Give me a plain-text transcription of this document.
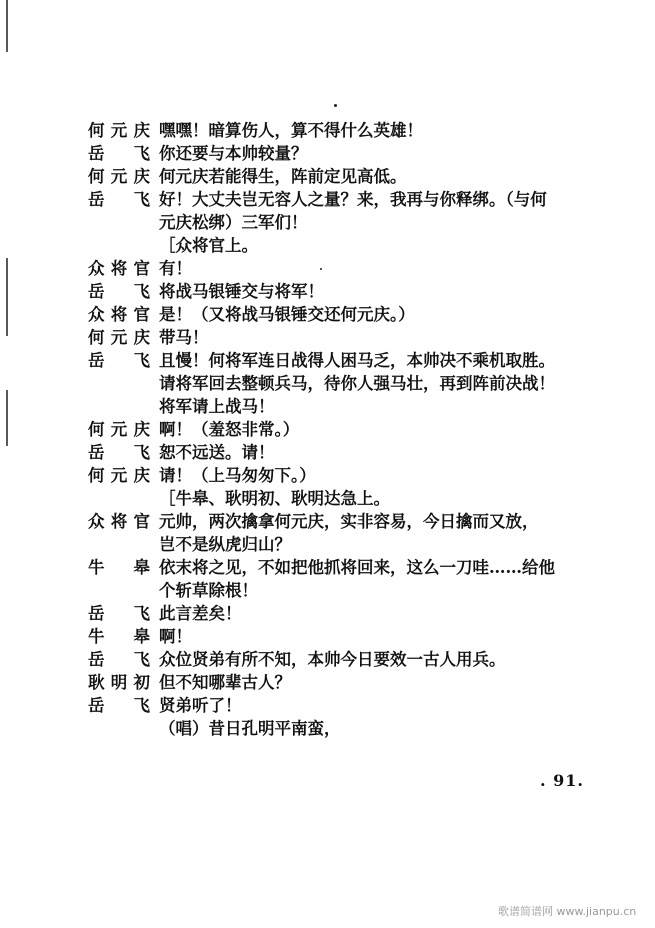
何元庆 嘿嘿！暗算伤人，算不得什么英雄！
岳　飞 你还要与本帅较量？
何元庆 何元庆若能得生，阵前定见高低。
岳　飞 好！大丈夫岂无容人之量？来，我再与你释绑。（与何
元庆松绑）三军们！
［众将官上。
众将官 有！
岳　飞 将战马银锤交与将军！
众将官 是！（又将战马银锤交还何元庆。）
何元庆 带马！
岳　飞 且慢！何将军连日战得人困马乏，本帅决不乘机取胜。
请将军回去整顿兵马，待你人强马壮，再到阵前决战！
将军请上战马！
何元庆 啊！（羞怒非常。）
岳　飞 恕不远送。请！
何元庆 请！（上马匆匆下。）
［牛皋、耿明初、耿明达急上。
众将官 元帅，两次擒拿何元庆，实非容易，今日擒而又放，
岂不是纵虎归山？
牛　皋 依末将之见，不如把他抓将回来，这么一刀哇……给他
个斩草除根！
岳　飞 此言差矣！
牛　皋 啊！
岳　飞 众位贤弟有所不知，本帅今日要效一古人用兵。
耿明初 但不知哪辈古人？
岳　飞 贤弟听了！
（唱）昔日孔明平南蛮，
. 91.
歌谱简谱网 www.jianpu.cn
